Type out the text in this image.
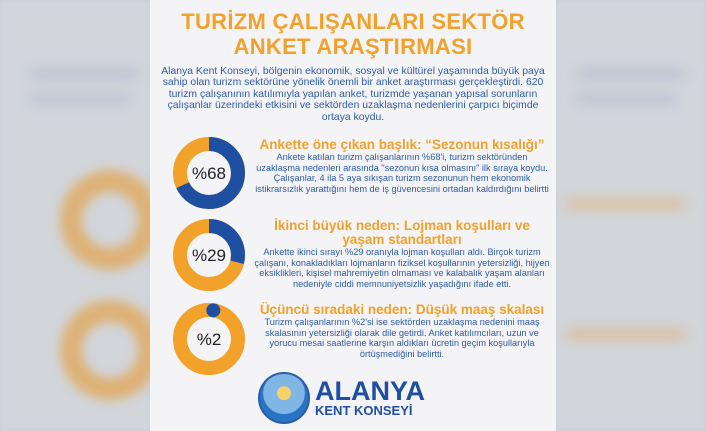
TURİZM ÇALIŞANLARI SEKTÖR
ANKET ARAŞTIRMASI
Alanya Kent Konseyi, bölgenin ekonomik, sosyal ve kültürel yaşamında büyük paya sahip olan turizm sektörüne yönelik önemli bir anket araştırması gerçekleştirdi. 620 turizm çalışanının katılımıyla yapılan anket, turizmde yaşanan yapısal sorunların çalışanlar üzerindeki etkisini ve sektörden uzaklaşma nedenlerini çarpıcı biçimde ortaya koydu.
%68
Ankette öne çıkan başlık: “Sezonun kısalığı”

Ankete katılan turizm çalışanlarının %68'i, turizm sektöründen uzaklaşma nedenleri arasında "sezonun kısa olmasını" ilk sıraya koydu. Çalışanlar, 4 ila 5 aya sıkışan turizm sezonunun hem ekonomik istikrarsızlık yarattığını hem de iş güvencesini ortadan kaldırdığını belirtti

%29
İkinci büyük neden: Lojman koşulları ve yaşam standartları

Ankette ikinci sırayı %29 oranıyla lojman koşulları aldı. Birçok turizm çalışanı, konakladıkları lojmanların fiziksel koşullarının yetersizliği, hijyen eksiklikleri, kişisel mahremiyetin olmaması ve kalabalık yaşam alanları nedeniyle ciddi memnuniyetsizlik yaşadığını ifade etti.

%2
Üçüncü sıradaki neden: Düşük maaş skalası

Turizm çalışanlarının %2'si ise sektörden uzaklaşma nedenini maaş skalasının yetersizliği olarak dile getirdi. Anket katılımcıları, uzun ve yorucu mesai saatlerine karşın aldıkları ücretin geçim koşullarıyla örtüşmediğini belirtti.

ALANYA
KENT KONSEYİ
